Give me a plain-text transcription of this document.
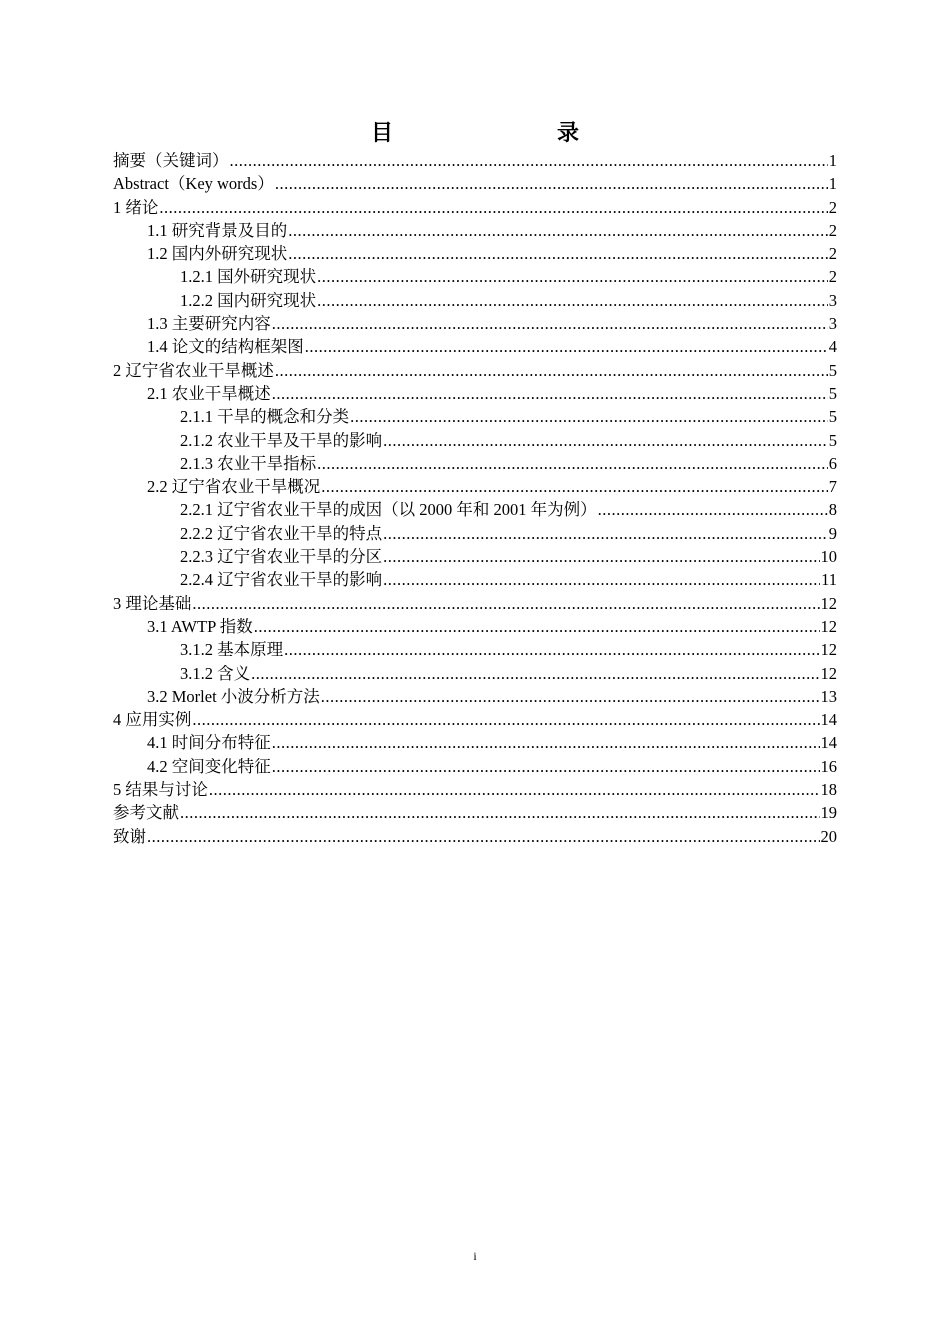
目　　录
摘要（关键词） .....	1
Abstract（Key words） .....	1
1 绪论 .....	2
1.1 研究背景及目的 .....	2
1.2 国内外研究现状 .....	2
1.2.1 国外研究现状 .....	2
1.2.2 国内研究现状 .....	3
1.3 主要研究内容 .....	3
1.4 论文的结构框架图 .....	4
2 辽宁省农业干旱概述 .....	5
2.1 农业干旱概述 .....	5
2.1.1 干旱的概念和分类 .....	5
2.1.2 农业干旱及干旱的影响 .....	5
2.1.3 农业干旱指标 .....	6
2.2 辽宁省农业干旱概况 .....	7
2.2.1 辽宁省农业干旱的成因（以 2000 年和 2001 年为例） .....	8
2.2.2 辽宁省农业干旱的特点 .....	9
2.2.3 辽宁省农业干旱的分区 .....	10
2.2.4 辽宁省农业干旱的影响 .....	11
3 理论基础 .....	12
3.1 AWTP 指数 .....	12
3.1.2 基本原理 .....	12
3.1.2 含义 .....	12
3.2 Morlet 小波分析方法 .....	13
4 应用实例 .....	14
4.1 时间分布特征 .....	14
4.2 空间变化特征 .....	16
5 结果与讨论 .....	18
参考文献 .....	19
致谢 .....	20
i
